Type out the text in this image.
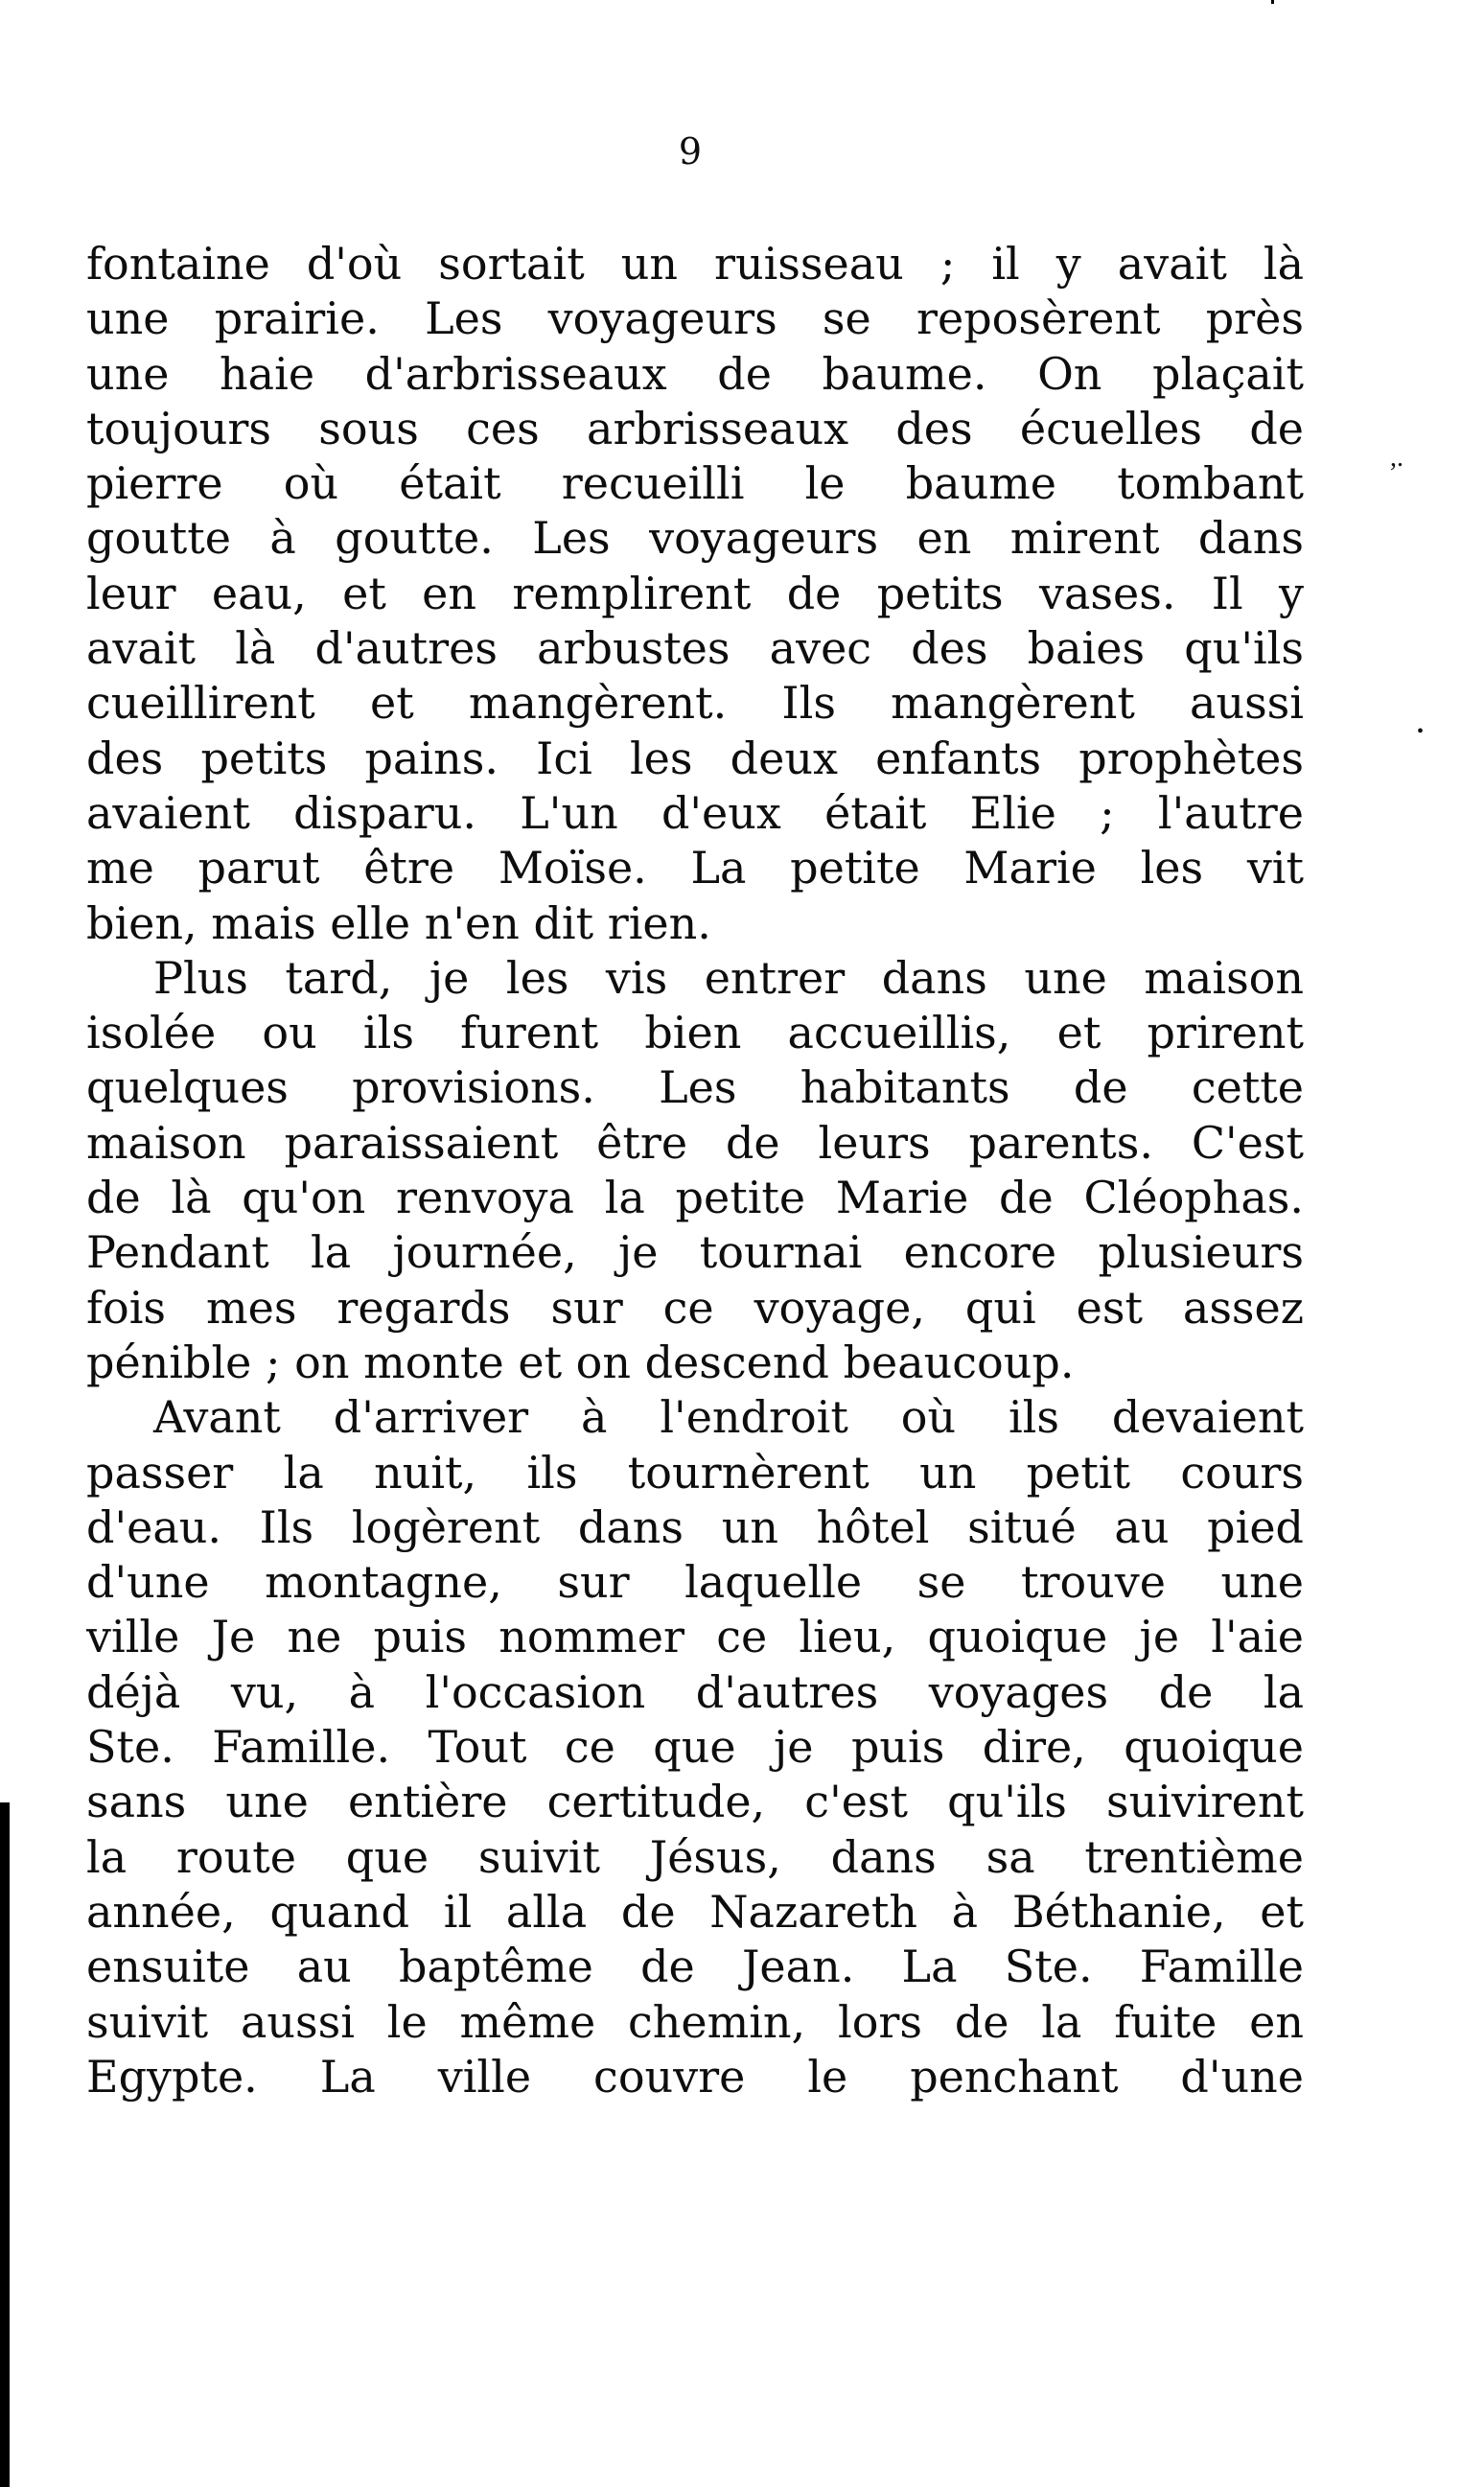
9
,.
•
fontaine d'où sortait un ruisseau ; il y avait là
une prairie. Les voyageurs se reposèrent près
une haie d'arbrisseaux de baume. On plaçait
toujours sous ces arbrisseaux des écuelles de
pierre où était recueilli le baume tombant
goutte à goutte. Les voyageurs en mirent dans
leur eau, et en remplirent de petits vases. Il y
avait là d'autres arbustes avec des baies qu'ils
cueillirent et mangèrent. Ils mangèrent aussi
des petits pains. Ici les deux enfants prophètes
avaient disparu. L'un d'eux était Elie ; l'autre
me parut être Moïse. La petite Marie les vit
bien, mais elle n'en dit rien.
Plus tard, je les vis entrer dans une maison
isolée ou ils furent bien accueillis, et prirent
quelques provisions. Les habitants de cette
maison paraissaient être de leurs parents. C'est
de là qu'on renvoya la petite Marie de Cléophas.
Pendant la journée, je tournai encore plusieurs
fois mes regards sur ce voyage, qui est assez
pénible ; on monte et on descend beaucoup.
Avant d'arriver à l'endroit où ils devaient
passer la nuit, ils tournèrent un petit cours
d'eau. Ils logèrent dans un hôtel situé au pied
d'une montagne, sur laquelle se trouve une
ville Je ne puis nommer ce lieu, quoique je l'aie
déjà vu, à l'occasion d'autres voyages de la
Ste. Famille. Tout ce que je puis dire, quoique
sans une entière certitude, c'est qu'ils suivirent
la route que suivit Jésus, dans sa trentième
année, quand il alla de Nazareth à Béthanie, et
ensuite au baptême de Jean. La Ste. Famille
suivit aussi le même chemin, lors de la fuite en
Egypte. La ville couvre le penchant d'une
